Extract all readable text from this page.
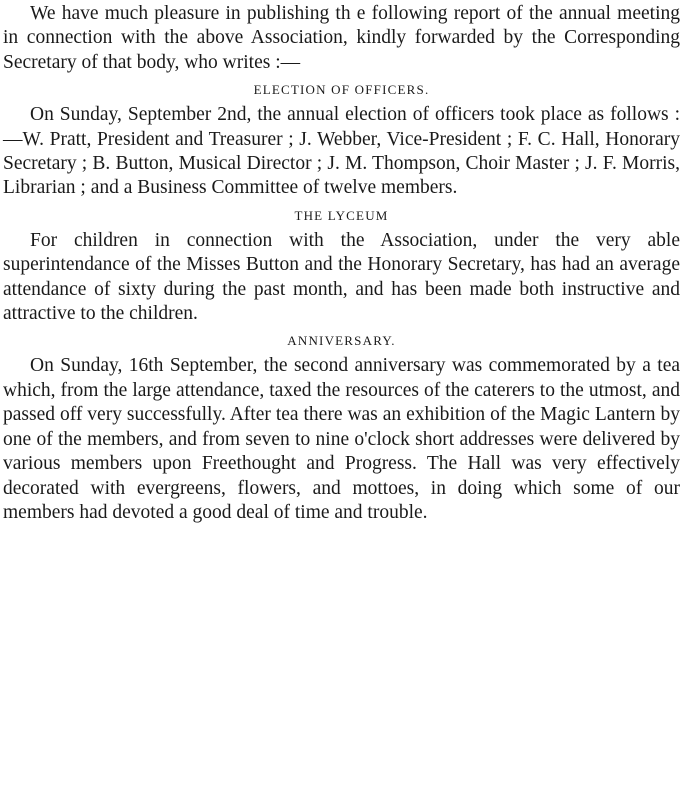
We have much pleasure in publishing th e following report of the annual meeting in connection with the above Association, kindly forwarded by the Corresponding Secretary of that body, who writes :—

ELECTION OF OFFICERS.

On Sunday, September 2nd, the annual election of officers took place as follows :—W. Pratt, President and Treasurer ; J. Webber, Vice-President ; F. C. Hall, Honorary Secretary ; B. Button, Musical Director ; J. M. Thompson, Choir Master ; J. F. Morris, Librarian ; and a Business Committee of twelve members.

THE LYCEUM

For children in connection with the Association, under the very able superintendance of the Misses Button and the Honorary Secretary, has had an average attendance of sixty during the past month, and has been made both instructive and attractive to the children.

ANNIVERSARY.

On Sunday, 16th September, the second anniversary was commemorated by a tea which, from the large attendance, taxed the resources of the caterers to the utmost, and passed off very successfully. After tea there was an exhibition of the Magic Lantern by one of the members, and from seven to nine o'clock short addresses were delivered by various members upon Freethought and Progress. The Hall was very effectively decorated with evergreens, flowers, and mottoes, in doing which some of our members had devoted a good deal of time and trouble.
